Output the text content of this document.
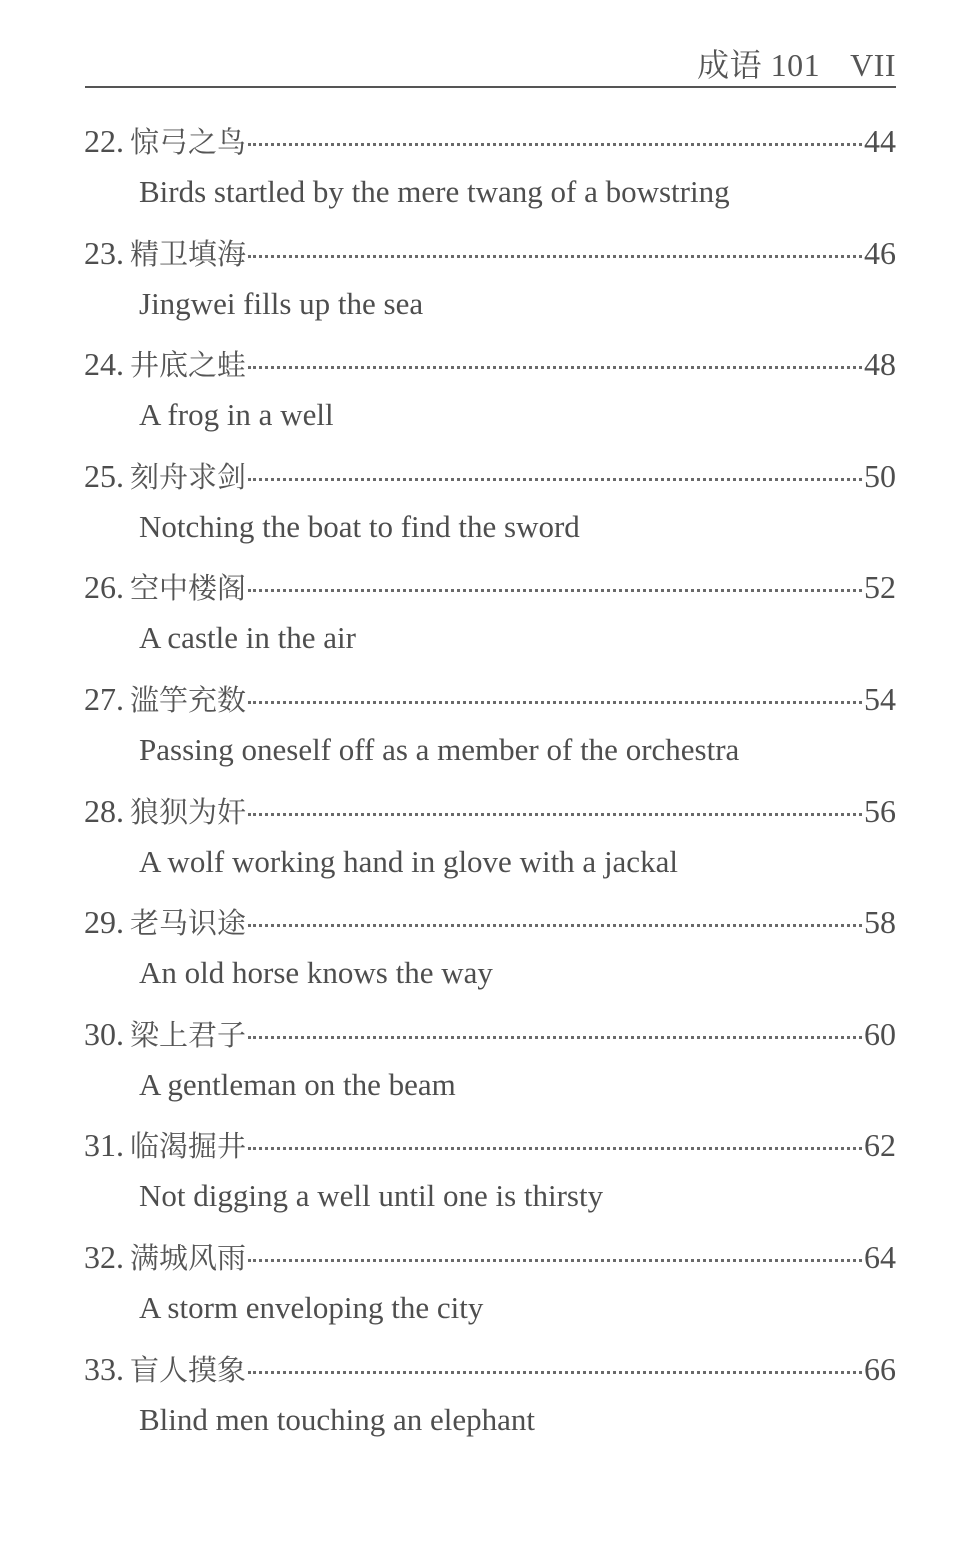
成语 101 VII
22. 惊弓之鸟	44
Birds startled by the mere twang of a bowstring
23. 精卫填海	46
Jingwei fills up the sea
24. 井底之蛙	48
A frog in a well
25. 刻舟求剑	50
Notching the boat to find the sword
26. 空中楼阁	52
A castle in the air
27. 滥竽充数	54
Passing oneself off as a member of the orchestra
28. 狼狈为奸	56
A wolf working hand in glove with a jackal
29. 老马识途	58
An old horse knows the way
30. 梁上君子	60
A gentleman on the beam
31. 临渴掘井	62
Not digging a well until one is thirsty
32. 满城风雨	64
A storm enveloping the city
33. 盲人摸象	66
Blind men touching an elephant
